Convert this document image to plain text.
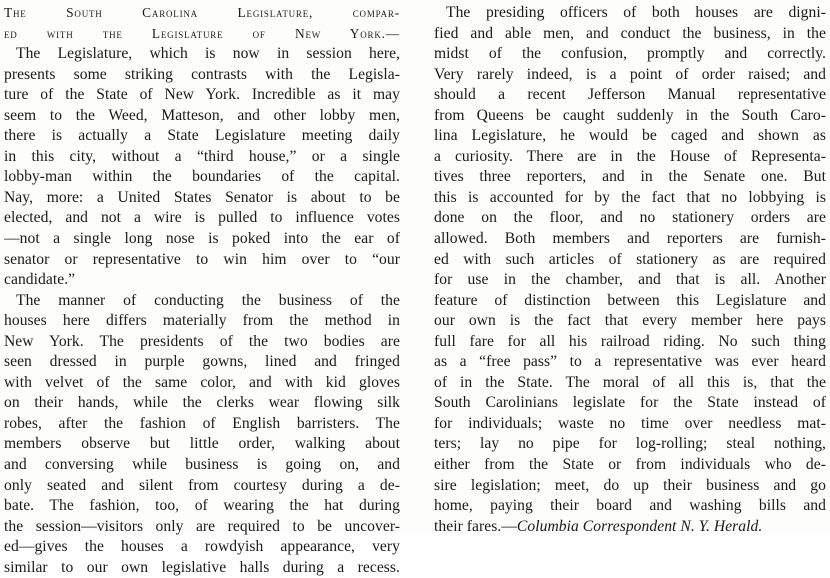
The South Carolina Legislature, compar-
ed with the Legislature of New York.—
The Legislature, which is now in session here,
presents some striking contrasts with the Legisla-
ture of the State of New York. Incredible as it may
seem to the Weed, Matteson, and other lobby men,
there is actually a State Legislature meeting daily
in this city, without a “third house,” or a single
lobby-man within the boundaries of the capital.
Nay, more: a United States Senator is about to be
elected, and not a wire is pulled to influence votes
—not a single long nose is poked into the ear of
senator or representative to win him over to “our
candidate.”
The manner of conducting the business of the
houses here differs materially from the method in
New York. The presidents of the two bodies are
seen dressed in purple gowns, lined and fringed
with velvet of the same color, and with kid gloves
on their hands, while the clerks wear flowing silk
robes, after the fashion of English barristers. The
members observe but little order, walking about
and conversing while business is going on, and
only seated and silent from courtesy during a de-
bate. The fashion, too, of wearing the hat during
the session—visitors only are required to be uncover-
ed—gives the houses a rowdyish appearance, very
similar to our own legislative halls during a recess.
The presiding officers of both houses are digni-
fied and able men, and conduct the business, in the
midst of the confusion, promptly and correctly.
Very rarely indeed, is a point of order raised; and
should a recent Jefferson Manual representative
from Queens be caught suddenly in the South Caro-
lina Legislature, he would be caged and shown as
a curiosity. There are in the House of Representa-
tives three reporters, and in the Senate one. But
this is accounted for by the fact that no lobbying is
done on the floor, and no stationery orders are
allowed. Both members and reporters are furnish-
ed with such articles of stationery as are required
for use in the chamber, and that is all. Another
feature of distinction between this Legislature and
our own is the fact that every member here pays
full fare for all his railroad riding. No such thing
as a “free pass” to a representative was ever heard
of in the State. The moral of all this is, that the
South Carolinians legislate for the State instead of
for individuals; waste no time over needless mat-
ters; lay no pipe for log-rolling; steal nothing,
either from the State or from individuals who de-
sire legislation; meet, do up their business and go
home, paying their board and washing bills and
their fares.—Columbia Correspondent N. Y. Herald.
